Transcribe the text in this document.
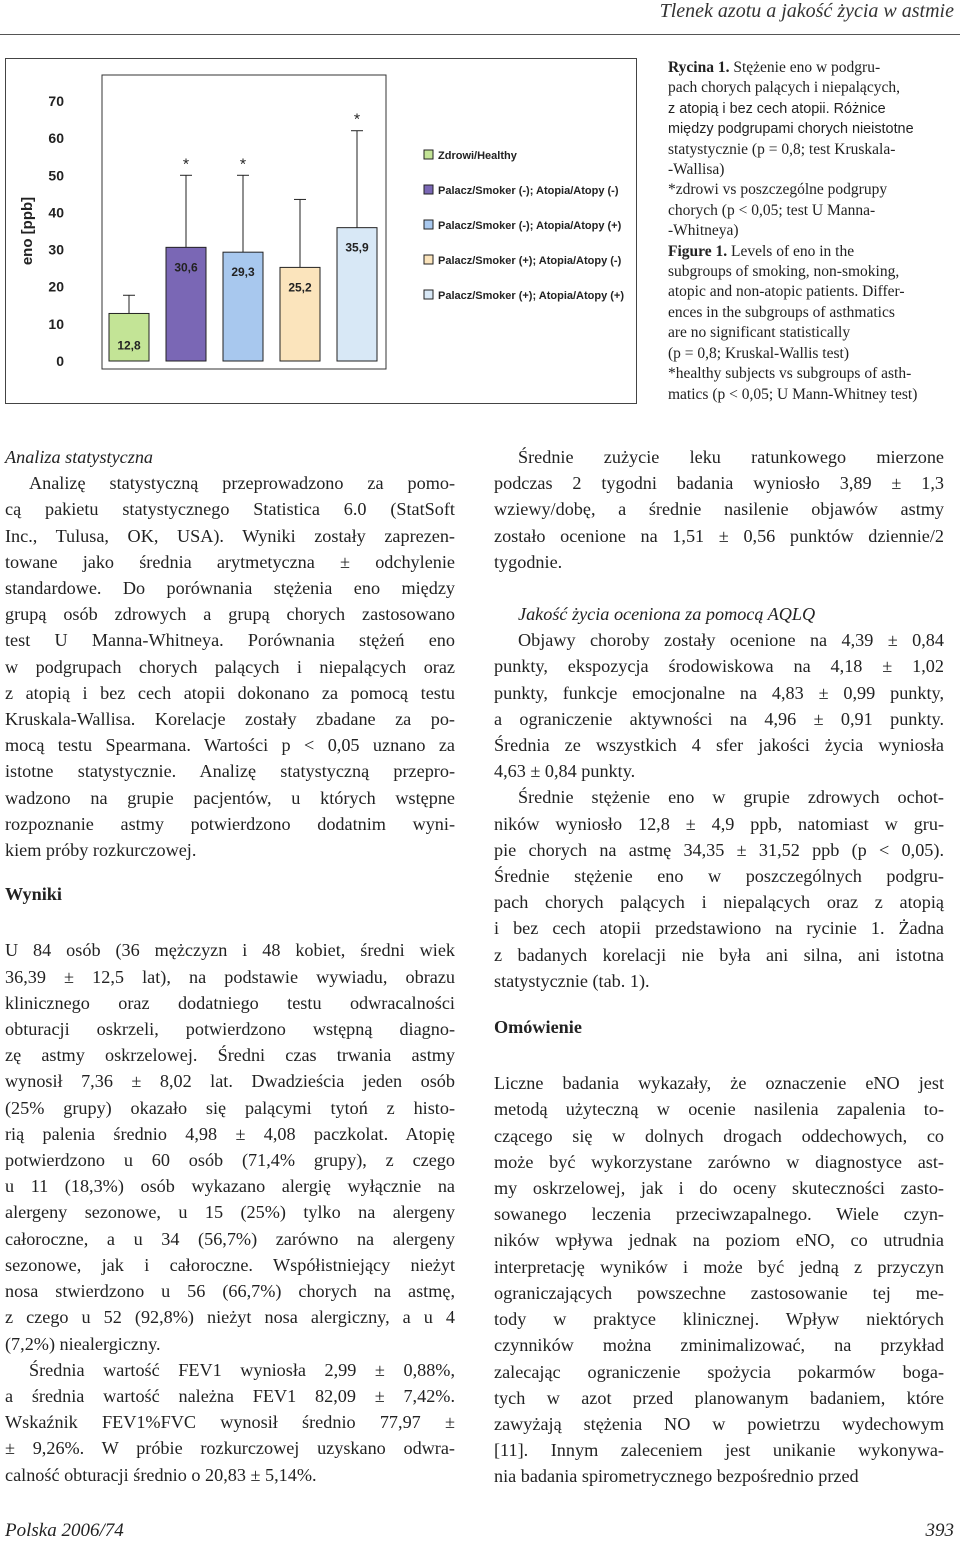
Tlenek azotu a jakość życia w astmie
0
10
20
30
40
50
60
70
eno [ppb]
12,8
30,6
*
29,3
*
25,2
35,9
*
Zdrowi/Healthy
Palacz/Smoker (-); Atopia/Atopy (-)
Palacz/Smoker (-); Atopia/Atopy (+)
Palacz/Smoker (+); Atopia/Atopy (-)
Palacz/Smoker (+); Atopia/Atopy (+)
Rycina 1. Stężenie eno w podgru-
pach chorych palących i niepalących,
z atopią i bez cech atopii. Różnice
między podgrupami chorych nieistotne
statystycznie (p = 0,8; test Kruskala-
-Wallisa)
*zdrowi vs poszczególne podgrupy
chorych (p < 0,05; test U Manna-
-Whitneya)
Figure 1. Levels of eno in the
subgroups of smoking, non-smoking,
atopic and non-atopic patients. Differ-
ences in the subgroups of asthmatics
are no significant statistically
(p = 0,8; Kruskal-Wallis test)
*healthy subjects vs subgroups of asth-
matics (p < 0,05; U Mann-Whitney test)
Analiza statystyczna
Analizę statystyczną przeprowadzono za pomo-
cą pakietu statystycznego Statistica 6.0 (StatSoft
Inc., Tulusa, OK, USA). Wyniki zostały zaprezen-
towane jako średnia arytmetyczna ± odchylenie
standardowe. Do porównania stężenia eno między
grupą osób zdrowych a grupą chorych zastosowano
test U Manna-Whitneya. Porównania stężeń eno
w podgrupach chorych palących i niepalących oraz
z atopią i bez cech atopii dokonano za pomocą testu
Kruskala-Wallisa. Korelacje zostały zbadane za po-
mocą testu Spearmana. Wartości p < 0,05 uznano za
istotne statystycznie. Analizę statystyczną przepro-
wadzono na grupie pacjentów, u których wstępne
rozpoznanie astmy potwierdzono dodatnim wyni-
kiem próby rozkurczowej.
Wyniki
U 84 osób (36 mężczyzn i 48 kobiet, średni wiek
36,39 ± 12,5 lat), na podstawie wywiadu, obrazu
klinicznego oraz dodatniego testu odwracalności
obturacji oskrzeli, potwierdzono wstępną diagno-
zę astmy oskrzelowej. Średni czas trwania astmy
wynosił 7,36 ± 8,02 lat. Dwadzieścia jeden osób
(25% grupy) okazało się palącymi tytoń z histo-
rią palenia średnio 4,98 ± 4,08 paczkolat. Atopię
potwierdzono u 60 osób (71,4% grupy), z czego
u 11 (18,3%) osób wykazano alergię wyłącznie na
alergeny sezonowe, u 15 (25%) tylko na alergeny
całoroczne, a u 34 (56,7%) zarówno na alergeny
sezonowe, jak i całoroczne. Współistniejący nieżyt
nosa stwierdzono u 56 (66,7%) chorych na astmę,
z czego u 52 (92,8%) nieżyt nosa alergiczny, a u 4
(7,2%) niealergiczny.
Średnia wartość FEV1 wyniosła 2,99 ± 0,88%,
a średnia wartość należna FEV1 82,09 ± 7,42%.
Wskaźnik FEV1%FVC wynosił średnio 77,97 ±
± 9,26%. W próbie rozkurczowej uzyskano odwra-
calność obturacji średnio o 20,83 ± 5,14%.
Średnie zużycie leku ratunkowego mierzone
podczas 2 tygodni badania wyniosło 3,89 ± 1,3
wziewy/dobę, a średnie nasilenie objawów astmy
zostało ocenione na 1,51 ± 0,56 punktów dziennie/2
tygodnie.
Jakość życia oceniona za pomocą AQLQ
Objawy choroby zostały ocenione na 4,39 ± 0,84
punkty, ekspozycja środowiskowa na 4,18 ± 1,02
punkty, funkcje emocjonalne na 4,83 ± 0,99 punkty,
a ograniczenie aktywności na 4,96 ± 0,91 punkty.
Średnia ze wszystkich 4 sfer jakości życia wyniosła
4,63 ± 0,84 punkty.
Średnie stężenie eno w grupie zdrowych ochot-
ników wyniosło 12,8 ± 4,9 ppb, natomiast w gru-
pie chorych na astmę 34,35 ± 31,52 ppb (p < 0,05).
Średnie stężenie eno w poszczególnych podgru-
pach chorych palących i niepalących oraz z atopią
i bez cech atopii przedstawiono na rycinie 1. Żadna
z badanych korelacji nie była ani silna, ani istotna
statystycznie (tab. 1).
Omówienie
Liczne badania wykazały, że oznaczenie eNO jest
metodą użyteczną w ocenie nasilenia zapalenia to-
czącego się w dolnych drogach oddechowych, co
może być wykorzystane zarówno w diagnostyce ast-
my oskrzelowej, jak i do oceny skuteczności zasto-
sowanego leczenia przeciwzapalnego. Wiele czyn-
ników wpływa jednak na poziom eNO, co utrudnia
interpretację wyników i może być jedną z przyczyn
ograniczających powszechne zastosowanie tej me-
tody w praktyce klinicznej. Wpływ niektórych
czynników można zminimalizować, na przykład
zalecając ograniczenie spożycia pokarmów boga-
tych w azot przed planowanym badaniem, które
zawyżają stężenia NO w powietrzu wydechowym
[11]. Innym zaleceniem jest unikanie wykonywa-
nia badania spirometrycznego bezpośrednio przed
Polska 2006/74	393
